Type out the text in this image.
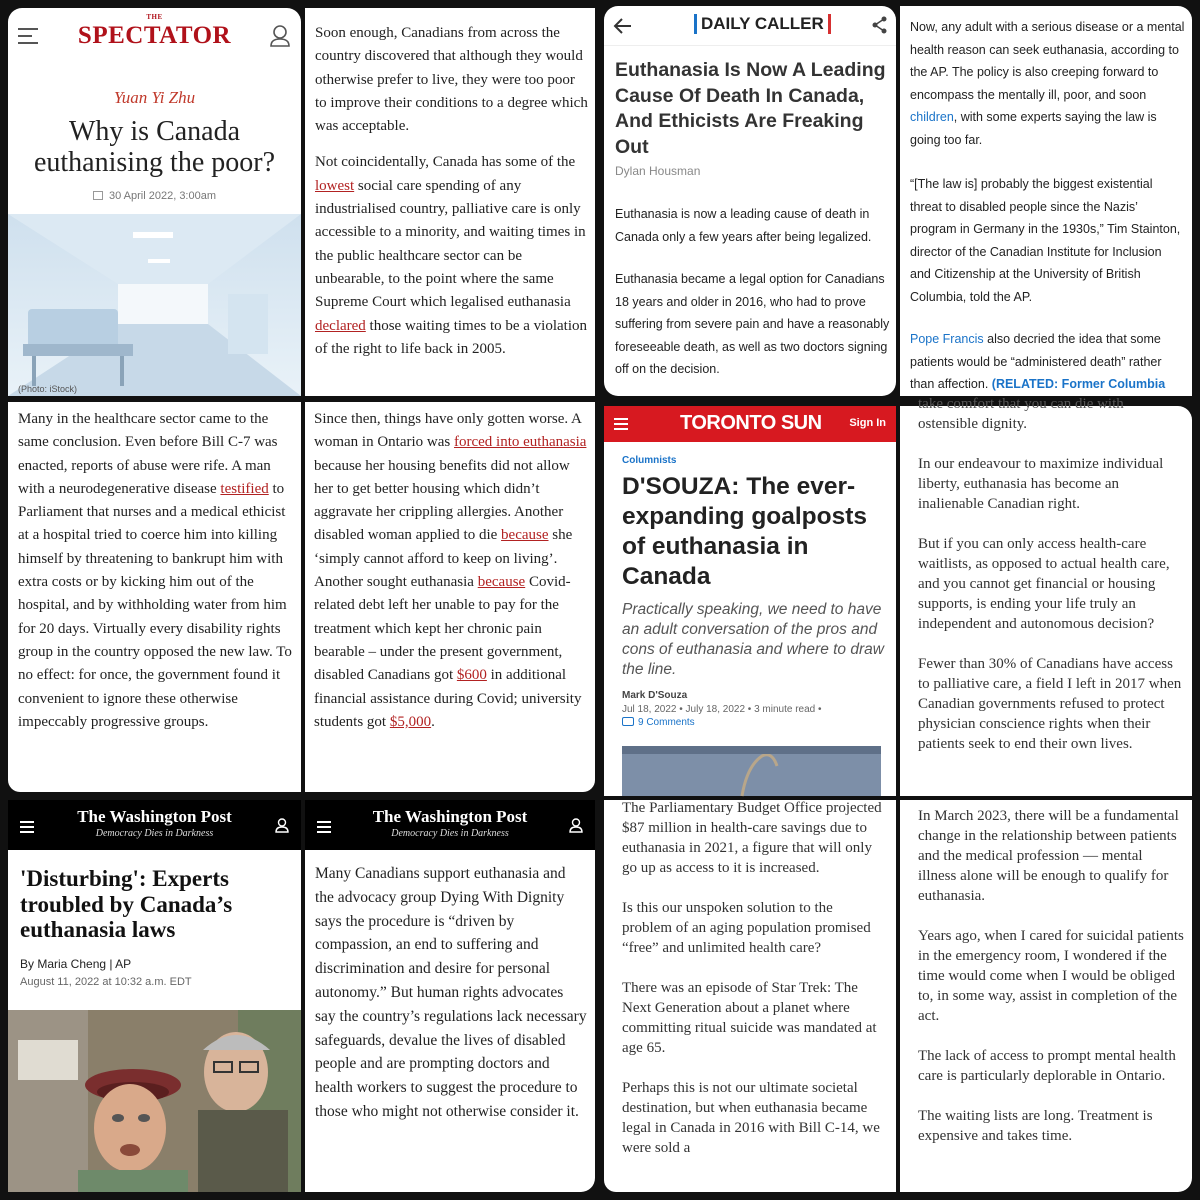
THE
SPECTATOR
Yuan Yi Zhu
Why is Canada euthanising the poor?
30 April 2022, 3:00am
(Photo: iStock)

Soon enough, Canadians from across the country discovered that although they would otherwise prefer to live, they were too poor to improve their conditions to a degree which was acceptable.

Not coincidentally, Canada has some of the lowest social care spending of any industrialised country, palliative care is only accessible to a minority, and waiting times in the public healthcare sector can be unbearable, to the point where the same Supreme Court which legalised euthanasia declared those waiting times to be a violation of the right to life back in 2005.

Many in the healthcare sector came to the same conclusion. Even before Bill C-7 was enacted, reports of abuse were rife. A man with a neurodegenerative disease testified to Parliament that nurses and a medical ethicist at a hospital tried to coerce him into killing himself by threatening to bankrupt him with extra costs or by kicking him out of the hospital, and by withholding water from him for 20 days. Virtually every disability rights group in the country opposed the new law. To no effect: for once, the government found it convenient to ignore these otherwise impeccably progressive groups.

Since then, things have only gotten worse. A woman in Ontario was forced into euthanasia because her housing benefits did not allow her to get better housing which didn’t aggravate her crippling allergies. Another disabled woman applied to die because she ‘simply cannot afford to keep on living’. Another sought euthanasia because Covid-related debt left her unable to pay for the treatment which kept her chronic pain bearable – under the present government, disabled Canadians got $600 in additional financial assistance during Covid; university students got $5,000.

DAILY CALLER
Euthanasia Is Now A Leading Cause Of Death In Canada, And Ethicists Are Freaking Out
Dylan Housman

Euthanasia is now a leading cause of death in Canada only a few years after being legalized.

Euthanasia became a legal option for Canadians 18 years and older in 2016, who had to prove suffering from severe pain and have a reasonably foreseeable death, as well as two doctors signing off on the decision.

Now, any adult with a serious disease or a mental health reason can seek euthanasia, according to the AP. The policy is also creeping forward to encompass the mentally ill, poor, and soon children, with some experts saying the law is going too far.

“[The law is] probably the biggest existential threat to disabled people since the Nazis’ program in Germany in the 1930s,” Tim Stainton, director of the Canadian Institute for Inclusion and Citizenship at the University of British Columbia, told the AP.

Pope Francis also decried the idea that some patients would be “administered death” rather than affection. (RELATED: Former Columbia

TORONTO SUN	Sign In
Columnists
D'SOUZA: The ever-expanding goalposts of euthanasia in Canada
Practically speaking, we need to have an adult conversation of the pros and cons of euthanasia and where to draw the line.
Mark D'Souza
Jul 18, 2022 • July 18, 2022 • 3 minute read •
9 Comments
take comfort that you can die with

ostensible dignity.

In our endeavour to maximize individual liberty, euthanasia has become an inalienable Canadian right.

But if you can only access health-care waitlists, as opposed to actual health care, and you cannot get financial or housing supports, is ending your life truly an independent and autonomous decision?

Fewer than 30% of Canadians have access to palliative care, a field I left in 2017 when Canadian governments refused to protect physician conscience rights when their patients seek to end their own lives.

The Parliamentary Budget Office projected $87 million in health-care savings due to euthanasia in 2021, a figure that will only go up as access to it is increased.

Is this our unspoken solution to the problem of an aging population promised “free” and unlimited health care?

There was an episode of Star Trek: The Next Generation about a planet where committing ritual suicide was mandated at age 65.

Perhaps this is not our ultimate societal destination, but when euthanasia became legal in Canada in 2016 with Bill C-14, we were sold a

In March 2023, there will be a fundamental change in the relationship between patients and the medical profession — mental illness alone will be enough to qualify for euthanasia.

Years ago, when I cared for suicidal patients in the emergency room, I wondered if the time would come when I would be obliged to, in some way, assist in completion of the act.

The lack of access to prompt mental health care is particularly deplorable in Ontario.

The waiting lists are long. Treatment is expensive and takes time.

The Washington Post
Democracy Dies in Darkness
'Disturbing': Experts troubled by Canada’s euthanasia laws
By Maria Cheng | AP
August 11, 2022 at 10:32 a.m. EDT
The Washington Post
Democracy Dies in Darkness

Many Canadians support euthanasia and the advocacy group Dying With Dignity says the procedure is “driven by compassion, an end to suffering and discrimination and desire for personal autonomy.” But human rights advocates say the country’s regulations lack necessary safeguards, devalue the lives of disabled people and are prompting doctors and health workers to suggest the procedure to those who might not otherwise consider it.
